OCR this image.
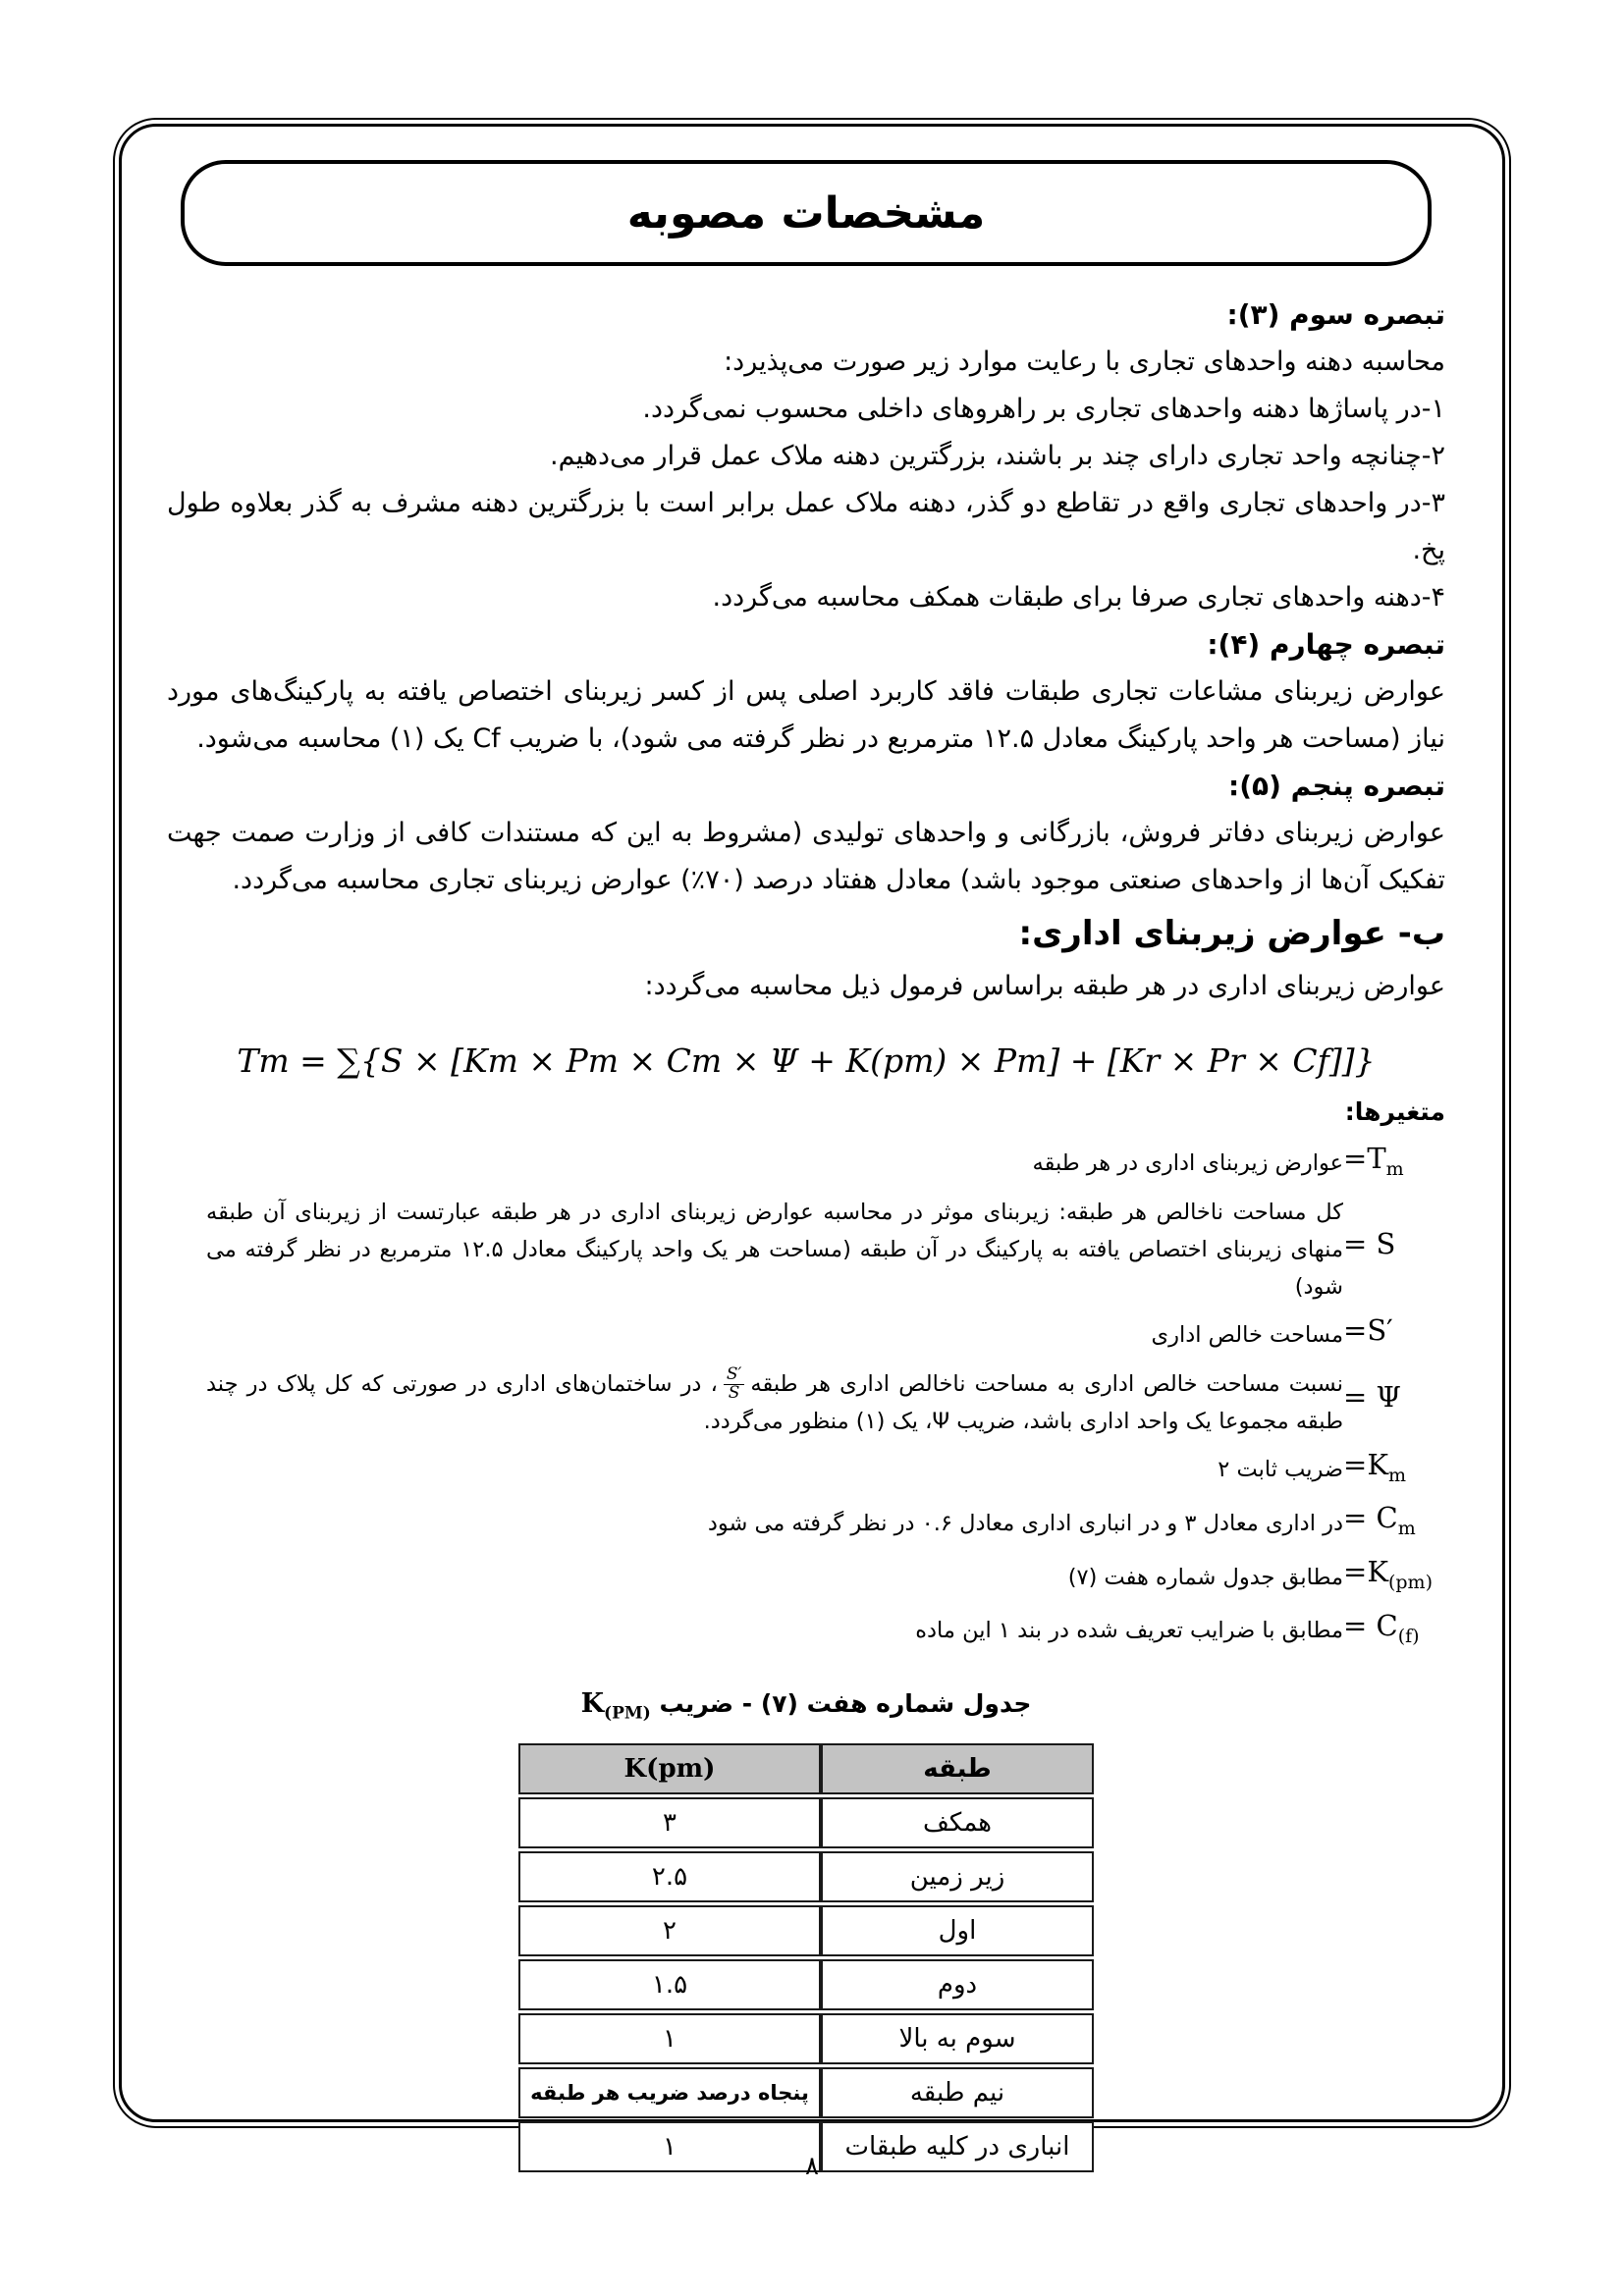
مشخصات مصوبه

تبصره سوم (۳):

محاسبه دهنه واحدهای تجاری با رعایت موارد زیر صورت می‌پذیرد:

۱-در پاساژها دهنه واحدهای تجاری بر راهروهای داخلی محسوب نمی‌گردد.

۲-چنانچه واحد تجاری دارای چند بر باشند، بزرگترین دهنه ملاک عمل قرار می‌دهیم.

۳-در واحدهای تجاری واقع در تقاطع دو گذر، دهنه ملاک عمل برابر است با بزرگترین دهنه مشرف به گذر بعلاوه طول پخ.

۴-دهنه واحدهای تجاری صرفا برای طبقات همکف محاسبه می‌گردد.

تبصره چهارم (۴):

عوارض زیربنای مشاعات تجاری طبقات فاقد کاربرد اصلی پس از کسر زیربنای اختصاص یافته به پارکینگ‌های مورد نیاز (مساحت هر واحد پارکینگ معادل ۱۲.۵ مترمربع در نظر گرفته می شود)، با ضریب Cf یک (۱) محاسبه می‌شود.

تبصره پنجم (۵):

عوارض زیربنای دفاتر فروش، بازرگانی و واحدهای تولیدی (مشروط به این که مستندات کافی از وزارت صمت جهت تفکیک آن‌ها از واحدهای صنعتی موجود باشد) معادل هفتاد درصد (۷۰٪) عوارض زیربنای تجاری محاسبه می‌گردد.

ب- عوارض زیربنای اداری:

عوارض زیربنای اداری در هر طبقه براساس فرمول ذیل محاسبه می‌گردد:

Tm = ∑{S × [Km × Pm × Cm × Ψ + K(pm) × Pm] + [Kr × Pr × Cf]]}

متغیرها:

$=T_m$
عوارض زیربنای اداری در هر طبقه
= S
کل مساحت ناخالص هر طبقه: زیربنای موثر در محاسبه عوارض زیربنای اداری در هر طبقه عبارتست از زیربنای آن طبقه منهای زیربنای اختصاص یافته به پارکینگ در آن طبقه (مساحت هر یک واحد پارکینگ معادل ۱۲.۵ مترمربع در نظر گرفته می شود)
=S′
مساحت خالص اداری
= Ψ
نسبت مساحت خالص اداری به مساحت ناخالص اداری هر طبقه
$\frac{S'}{S}$
، در ساختمان‌های اداری در صورتی که کل پلاک در چند طبقه مجموعا یک واحد اداری باشد، ضریب Ψ، یک (۱) منظور می‌گردد.
$=K_m$
ضریب ثابت ۲
= $C_m$
در اداری معادل ۳ و در انباری اداری معادل ۰.۶ در نظر گرفته می شود
$=K_{(pm)}$
مطابق جدول شماره هفت (۷)
= $C_{(f)}$
مطابق با ضرایب تعریف شده در بند ۱ این ماده
جدول شماره هفت (۷) - ضریب $K_{(PM)}$
طبقه	K(pm)
همکف	۳
زیر زمین	۲.۵
اول	۲
دوم	۱.۵
سوم به بالا	۱
نیم طبقه	پنجاه درصد ضریب هر طبقه
انباری در کلیه طبقات	۱
۸
